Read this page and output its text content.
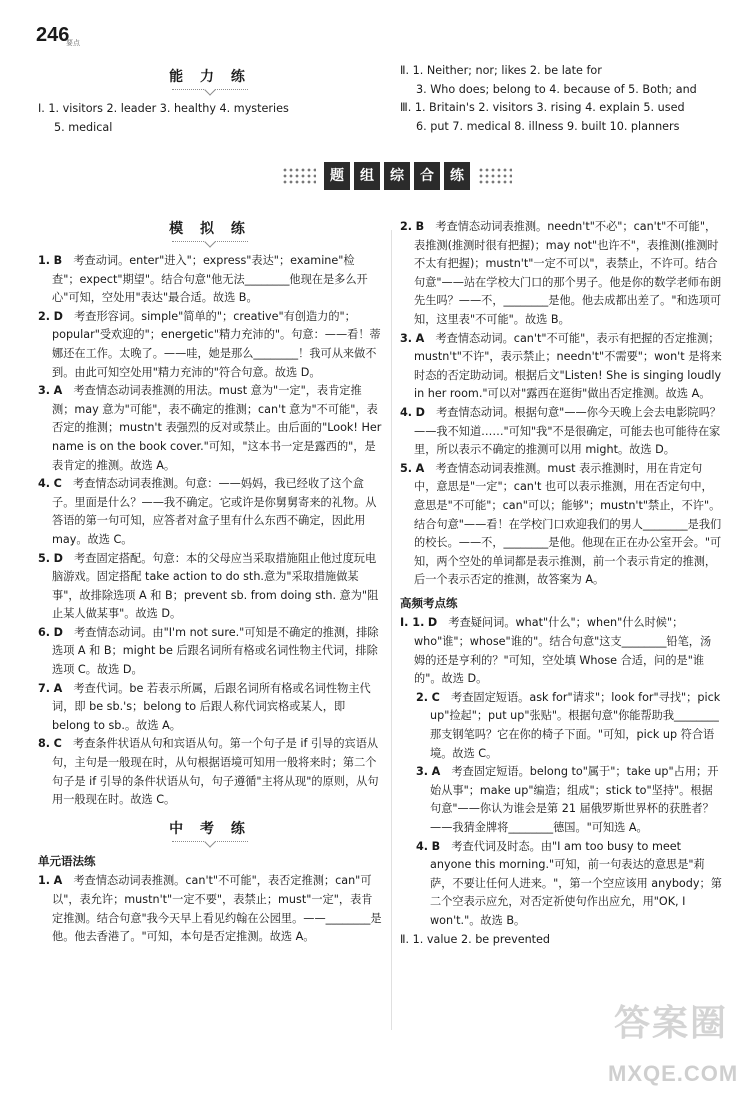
246
要点
能 力 练

Ⅰ. 1. visitors 2. leader 3. healthy 4. mysteries

5. medical

Ⅱ. 1. Neither; nor; likes 2. be late for

3. Who does; belong to 4. because of 5. Both; and

Ⅲ. 1. Britain's 2. visitors 3. rising 4. explain 5. used

6. put 7. medical 8. illness 9. built 10. planners

题	组	综	合	练
模 拟 练

1. B　 考查动词。enter"进入"；express"表达"；examine"检查"；expect"期望"。结合句意"他无法________他现在是多么开心"可知，空处用"表达"最合适。故选 B。

2. D　 考查形容词。simple"简单的"；creative"有创造力的"；popular"受欢迎的"；energetic"精力充沛的"。句意：——看！蒂娜还在工作。太晚了。——哇，她是那么________！我可从来做不到。由此可知空处用"精力充沛的"符合句意。故选 D。

3. A　 考查情态动词表推测的用法。must 意为"一定"，表肯定推测；may 意为"可能"，表不确定的推测；can't 意为"不可能"，表否定的推测；mustn't 表强烈的反对或禁止。由后面的"Look! Her name is on the book cover."可知，"这本书一定是露西的"，是表肯定的推测。故选 A。

4. C　 考查情态动词表推测。句意：——妈妈，我已经收了这个盒子。里面是什么？——我不确定。它或许是你舅舅寄来的礼物。从答语的第一句可知，应答者对盒子里有什么东西不确定，因此用 may。故选 C。

5. D　 考查固定搭配。句意：本的父母应当采取措施阻止他过度玩电脑游戏。固定搭配 take action to do sth.意为"采取措施做某事"，故排除选项 A 和 B；prevent sb. from doing sth. 意为"阻止某人做某事"。故选 D。

6. D　 考查情态动词。由"I'm not sure."可知是不确定的推测，排除选项 A 和 B；might be 后跟名词所有格或名词性物主代词，排除选项 C。故选 D。

7. A　 考查代词。be 若表示所属，后跟名词所有格或名词性物主代词，即 be sb.'s；belong to 后跟人称代词宾格或某人，即 belong to sb.。故选 A。

8. C　 考查条件状语从句和宾语从句。第一个句子是 if 引导的宾语从句，主句是一般现在时，从句根据语境可知用一般将来时；第二个句子是 if 引导的条件状语从句，句子遵循"主将从现"的原则，从句用一般现在时。故选 C。

中 考 练

单元语法练

1. A　 考查情态动词表推测。can't"不可能"，表否定推测；can"可以"，表允许；mustn't"一定不要"，表禁止；must"一定"，表肯定推测。结合句意"我今天早上看见约翰在公园里。——________是他。他去香港了。"可知，本句是否定推测。故选 A。

2. B　 考查情态动词表推测。needn't"不必"；can't"不可能"，表推测(推测时很有把握)；may not"也许不"，表推测(推测时不太有把握)；mustn't"一定不可以"，表禁止，不许可。结合句意"——站在学校大门口的那个男子。他是你的数学老师布朗先生吗？——不，________是他。他去成都出差了。"和选项可知，这里表"不可能"。故选 B。

3. A　 考查情态动词。can't"不可能"，表示有把握的否定推测；mustn't"不许"，表示禁止；needn't"不需要"；won't 是将来时态的否定助动词。根据后文"Listen! She is singing loudly in her room."可以对"露西在逛街"做出否定推测。故选 A。

4. D　 考查情态动词。根据句意"——你今天晚上会去电影院吗？——我不知道……"可知"我"不是很确定，可能去也可能待在家里，所以表示不确定的推测可以用 might。故选 D。

5. A　 考查情态动词表推测。must 表示推测时，用在肯定句中，意思是"一定"；can't 也可以表示推测，用在否定句中，意思是"不可能"；can"可以；能够"；mustn't"禁止，不许"。结合句意"——看！在学校门口欢迎我们的男人________是我们的校长。——不，________是他。他现在正在办公室开会。"可知，两个空处的单词都是表示推测，前一个表示肯定的推测，后一个表示否定的推测，故答案为 A。

高频考点练

Ⅰ. 1. D　 考查疑问词。what"什么"；when"什么时候"；who"谁"；whose"谁的"。结合句意"这支________铅笔，汤姆的还是亨利的？"可知，空处填 Whose 合适，问的是"谁的"。故选 D。

2. C　 考查固定短语。ask for"请求"；look for"寻找"；pick up"捡起"；put up"张贴"。根据句意"你能帮助我________那支钢笔吗？它在你的椅子下面。"可知，pick up 符合语境。故选 C。

3. A　 考查固定短语。belong to"属于"；take up"占用；开始从事"；make up"编造；组成"；stick to"坚持"。根据句意"——你认为谁会是第 21 届俄罗斯世界杯的获胜者？——我猜金牌将________德国。"可知选 A。

4. B　 考查代词及时态。由"I am too busy to meet anyone this morning."可知，前一句表达的意思是"莉萨，不要让任何人进来。"，第一个空应该用 anybody；第二个空表示应允，对否定祈使句作出应允，用"OK, I won't."。故选 B。

Ⅱ. 1. value 2. be prevented

答案圈
MXQE.COM
